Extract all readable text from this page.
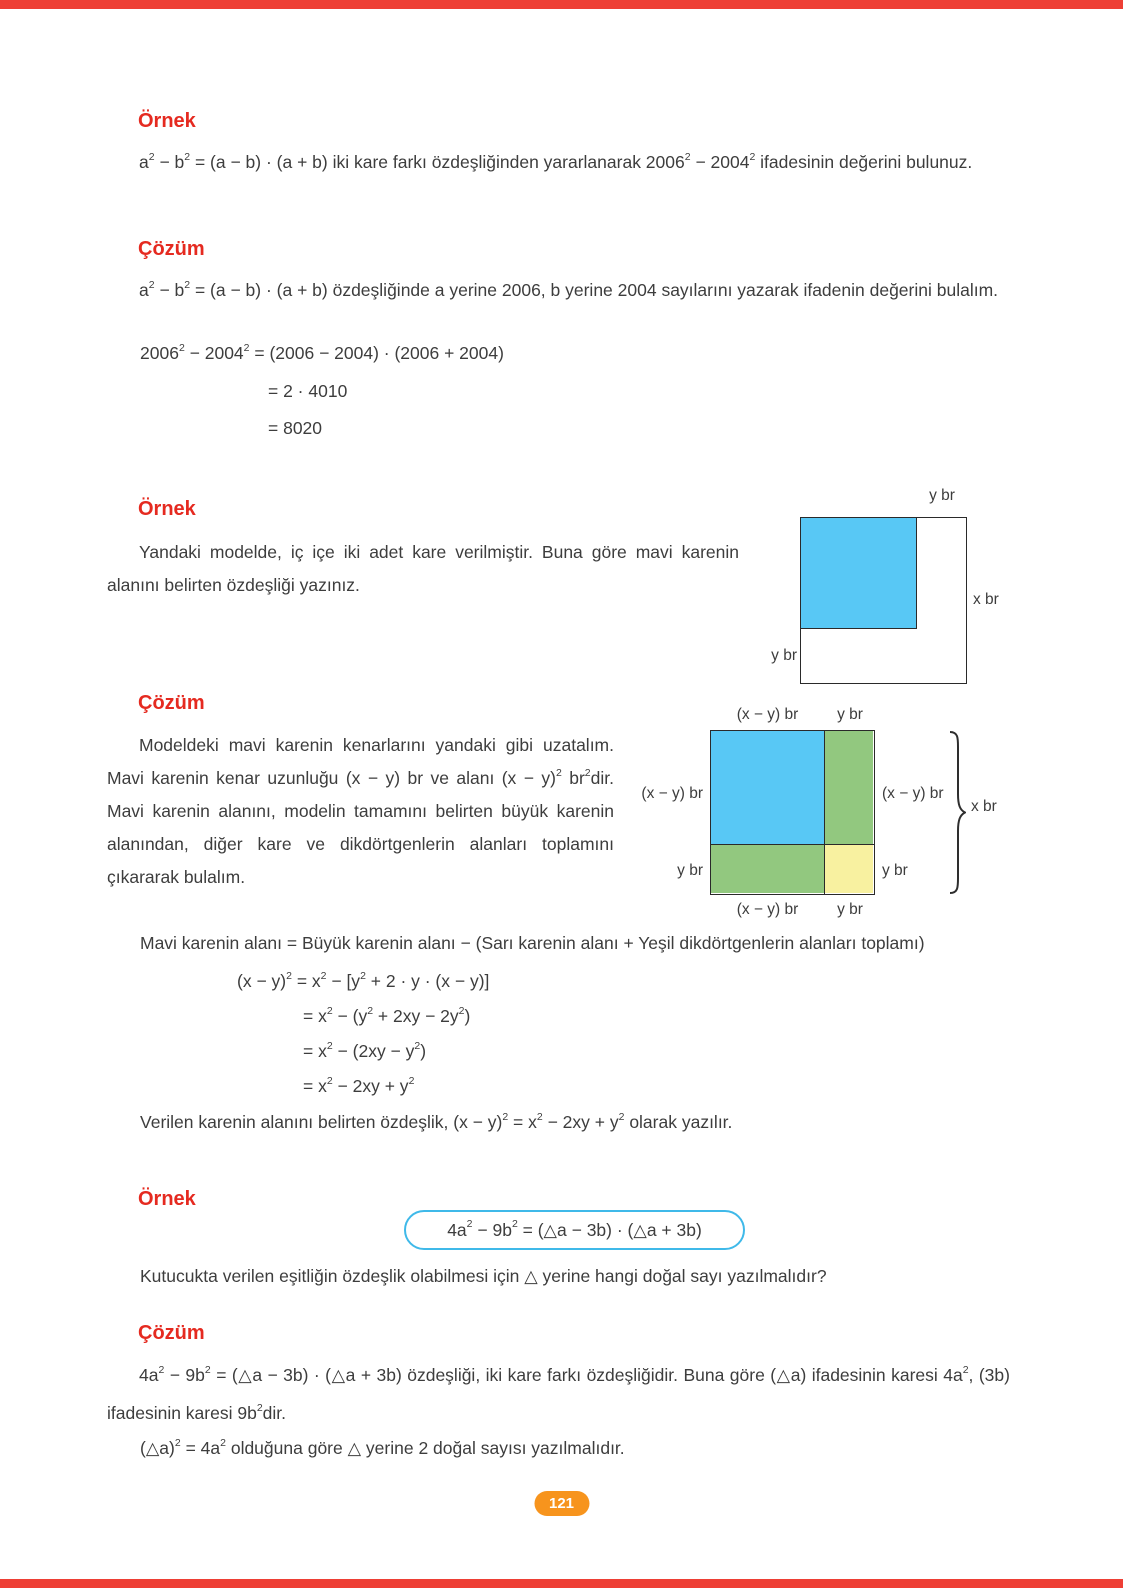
Örnek

$a^2 - b^2 = (a - b) \cdot (a + b)$ iki kare farkı özdeşliğinden yararlanarak $2006^2 - 2004^2$ ifadesinin değerini bulunuz.

Çözüm

$a^2 - b^2 = (a - b) \cdot (a + b)$ özdeşliğinde a yerine 2006, b yerine 2004 sayılarını yazarak ifadenin değerini bulalım.

$2006^2 - 2004^2 = (2006 - 2004) \cdot (2006 + 2004)$
= 2 · 4010
= 8020
Örnek

Yandaki modelde, iç içe iki adet kare verilmiştir. Buna göre mavi karenin alanını belirten özdeşliği yazınız.

y br
x br
y br
Çözüm

Modeldeki mavi karenin kenarlarını yandaki gibi uzatalım. Mavi karenin kenar uzunluğu (x − y) br ve alanı $(x - y)^2$ $br^2dir$. Mavi karenin alanını, modelin tamamını belirten büyük karenin alanından, diğer kare ve dikdörtgenlerin alanları toplamını çıkararak bulalım.

(x − y) br	y br
(x − y) br
y br
(x − y) br
y br
(x − y) br	y br
x br
Mavi karenin alanı = Büyük karenin alanı − (Sarı karenin alanı + Yeşil dikdörtgenlerin alanları toplamı)
$(x - y)^2 = x^2 - [y^2 + 2 \cdot y \cdot (x - y)]$
= $x^2 - (y^2 + 2xy - 2y^2)$
= $x^2 - (2xy - y^2)$
= $x^2 - 2xy + y^2$
Verilen karenin alanını belirten özdeşlik, $(x - y)^2 = x^2 - 2xy + y^2$ olarak yazılır.
Örnek
$4a^2 - 9b^2$ = (△a − 3b) · (△a + 3b)
Kutucukta verilen eşitliğin özdeşlik olabilmesi için △ yerine hangi doğal sayı yazılmalıdır?
Çözüm

$4a^2 - 9b^2$ = (△a − 3b) · (△a + 3b) özdeşliği, iki kare farkı özdeşliğidir. Buna göre (△a) ifadesinin karesi $4a^2$, (3b) ifadesinin karesi $9b^2dir$.

(△a)$^2$ = $4a^2$ olduğuna göre △ yerine 2 doğal sayısı yazılmalıdır.
121
